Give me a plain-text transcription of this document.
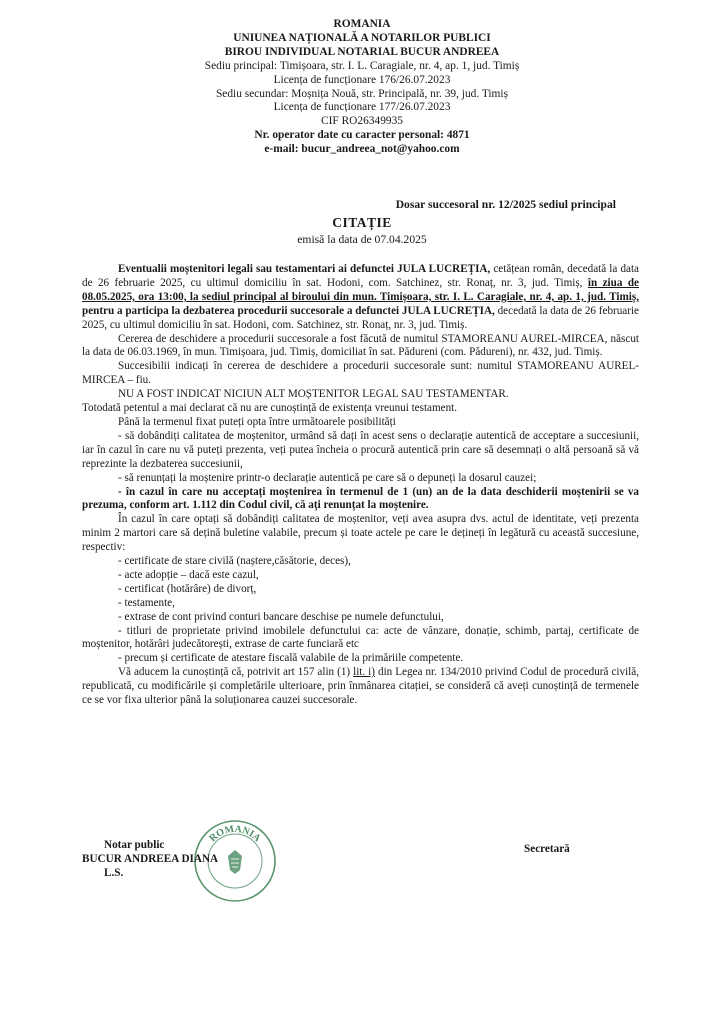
ROMANIA
UNIUNEA NAȚIONALĂ A NOTARILOR PUBLICI
BIROU INDIVIDUAL NOTARIAL BUCUR ANDREEA
Sediu principal: Timișoara, str. I. L. Caragiale, nr. 4, ap. 1, jud. Timiș
Licența de funcționare 176/26.07.2023
Sediu secundar: Moșnița Nouă, str. Principală, nr. 39, jud. Timiș
Licența de funcționare 177/26.07.2023
CIF RO26349935
Nr. operator date cu caracter personal: 4871
e-mail: bucur_andreea_not@yahoo.com
Dosar succesoral nr. 12/2025 sediul principal
CITAȚIE
emisă la data de 07.04.2025

Eventualii moștenitori legali sau testamentari ai defunctei JULA LUCREȚIA, cetățean român, decedată la data de 26 februarie 2025, cu ultimul domiciliu în sat. Hodoni, com. Satchinez, str. Ronaț, nr. 3, jud. Timiș, în ziua de 08.05.2025, ora 13:00, la sediul principal al biroului din mun. Timișoara, str. I. L. Caragiale, nr. 4, ap. 1, jud. Timiș, pentru a participa la dezbaterea procedurii succesorale a defunctei JULA LUCREȚIA, decedată la data de 26 februarie 2025, cu ultimul domiciliu în sat. Hodoni, com. Satchinez, str. Ronaț, nr. 3, jud. Timiș.

Cererea de deschidere a procedurii succesorale a fost făcută de numitul STAMOREANU AUREL-MIRCEA, născut la data de 06.03.1969, în mun. Timișoara, jud. Timiș, domiciliat în sat. Pădureni (com. Pădureni), nr. 432, jud. Timiș.

Succesibilii indicați în cererea de deschidere a procedurii succesorale sunt: numitul STAMOREANU AUREL-MIRCEA – fiu.

NU A FOST INDICAT NICIUN ALT MOȘTENITOR LEGAL SAU TESTAMENTAR.

Totodată petentul a mai declarat că nu are cunoștință de existența vreunui testament.

Până la termenul fixat puteți opta între următoarele posibilități

- să dobândiți calitatea de moștenitor, urmând să dați în acest sens o declarație autentică de acceptare a succesiunii, iar în cazul în care nu vă puteți prezenta, veți putea încheia o procură autentică prin care să desemnați o altă persoană să vă reprezinte la dezbaterea succesiunii,

- să renunțați la moștenire printr-o declarație autentică pe care să o depuneți la dosarul cauzei;

- în cazul în care nu acceptați moștenirea în termenul de 1 (un) an de la data deschiderii moștenirii se va prezuma, conform art. 1.112 din Codul civil, că ați renunțat la moștenire.

În cazul în care optați să dobândiți calitatea de moștenitor, veți avea asupra dvs. actul de identitate, veți prezenta minim 2 martori care să dețină buletine valabile, precum și toate actele pe care le dețineți în legătură cu această succesiune, respectiv:

- certificate de stare civilă (naștere,căsătorie, deces),

- acte adopție – dacă este cazul,

- certificat (hotărâre) de divorț,

- testamente,

- extrase de cont privind conturi bancare deschise pe numele defunctului,

- titluri de proprietate privind imobilele defunctului ca: acte de vânzare, donație, schimb, partaj, certificate de moștenitor, hotărâri judecătorești, extrase de carte funciară etc

- precum și certificate de atestare fiscală valabile de la primăriile competente.

Vă aducem la cunoștință că, potrivit art 157 alin (1) lit. i) din Legea nr. 134/2010 privind Codul de procedură civilă, republicată, cu modificările și completările ulterioare, prin înmânarea citației, se consideră că aveți cunoștință de termenele ce se vor fixa ulterior până la soluționarea cauzei succesorale.

ROMANIA
Notar public
BUCUR ANDREEA DIANA
L.S.
Secretară
